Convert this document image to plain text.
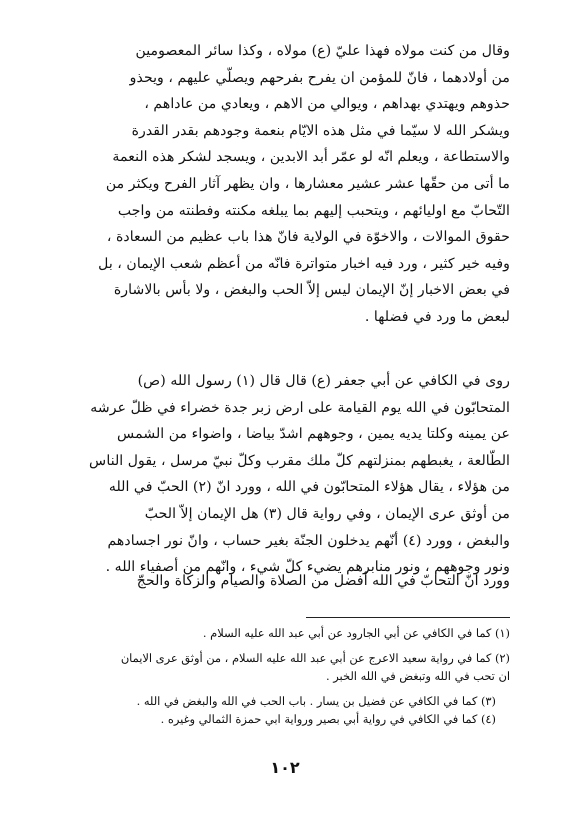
وقال من كنت مولاه فهذا عليّ (ع) مولاه ، وكذا سائر المعصومين
من أولادهما ، فانّ للمؤمن ان يفرح بفرحهم ويصلّي عليهم ، ويحذو
حذوهم ويهتدي بهداهم ، ويوالي من الاهم ، ويعادي من عاداهم ،
ويشكر الله لا سيّما في مثل هذه الايّام بنعمة وجودهم بقدر القدرة
والاستطاعة ، ويعلم انّه لو عمّر أبد الابدين ، ويسجد لشكر هذه النعمة
ما أتى من حقّها عشر عشير معشارها ، وان يظهر آثار الفرح ويكثر من
التّحابّ مع اوليائهم ، ويتحبب إليهم بما يبلغه مكنته وفطنته من واجب
حقوق الموالات ، والاخوّة في الولاية فانّ هذا باب عظيم من السعادة ،
وفيه خير كثير ، ورد فيه اخبار متواترة فانّه من أعظم شعب الإيمان ، بل
في بعض الاخبار إنّ الإيمان ليس إلاّ الحب والبغض ، ولا بأس بالاشارة
لبعض ما ورد في فضلها .
روى في الكافي عن أبي جعفر (ع) قال قال (١) رسول الله (ص)
المتحابّون في الله يوم القيامة على ارض زبر جدة خضراء في ظلّ عرشه
عن يمينه وكلتا يديه يمين ، وجوههم اشدّ بياضا ، واضواء من الشمس
الطّالعة ، يغبطهم بمنزلتهم كلّ ملك مقرب وكلّ نبيّ مرسل ، يقول الناس
من هؤلاء ، يقال هؤلاء المتحابّون في الله ، وورد انّ (٢) الحبّ في الله
من أوثق عرى الإيمان ، وفي رواية قال (٣) هل الإيمان إلاّ الحبّ
والبغض ، وورد (٤) أنّهم يدخلون الجنّة بغير حساب ، وانّ نور اجسادهم
ونور وجوههم ، ونور منابرهم يضيء كلّ شيء ، وانّهم من أصفياء الله .
وورد انّ التحابّ في الله أفضل من الصلاة والصيام والزكاة والحجّ
(١) كما في الكافي عن أبي الجارود عن أبي عبد الله عليه السلام .
(٢) كما في رواية سعيد الاعرج عن أبي عبد الله عليه السلام ، من أوثق عرى الايمان
ان تحب في الله وتبغض في الله الخبر .
(٣) كما في الكافي عن فضيل بن يسار . باب الحب في الله والبغض في الله .
(٤) كما في الكافي في رواية أبي بصير ورواية ابي حمزة الثمالي وغيره .
١٠٢
